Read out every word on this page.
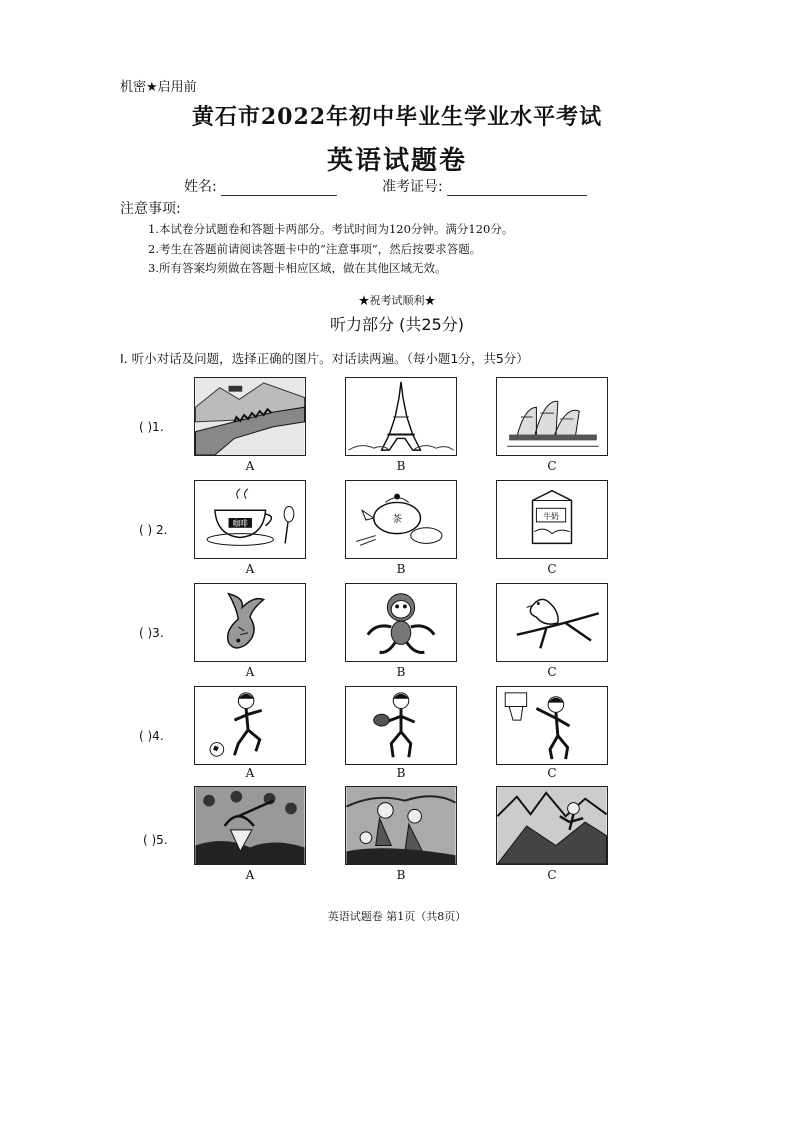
机密★启用前
黄石市2022年初中毕业生学业水平考试
英语试题卷
姓名:	准考证号:
注意事项:
1.本试卷分试题卷和答题卡两部分。考试时间为120分钟。满分120分。
2.考生在答题前请阅读答题卡中的“注意事项”，然后按要求答题。
3.所有答案均须做在答题卡相应区域，做在其他区域无效。
★祝考试顺利★
听力部分 (共25分)
I. 听小对话及问题，选择正确的图片。对话读两遍。（每小题1分，共5分）
( )1.
A	B	C
( ) 2.	咖啡	茶	牛奶
A	B	C
( )3.
A	B	C
( )4.
A	B	C
( )5.
A	B	C
英语试题卷 第1页（共8页）
